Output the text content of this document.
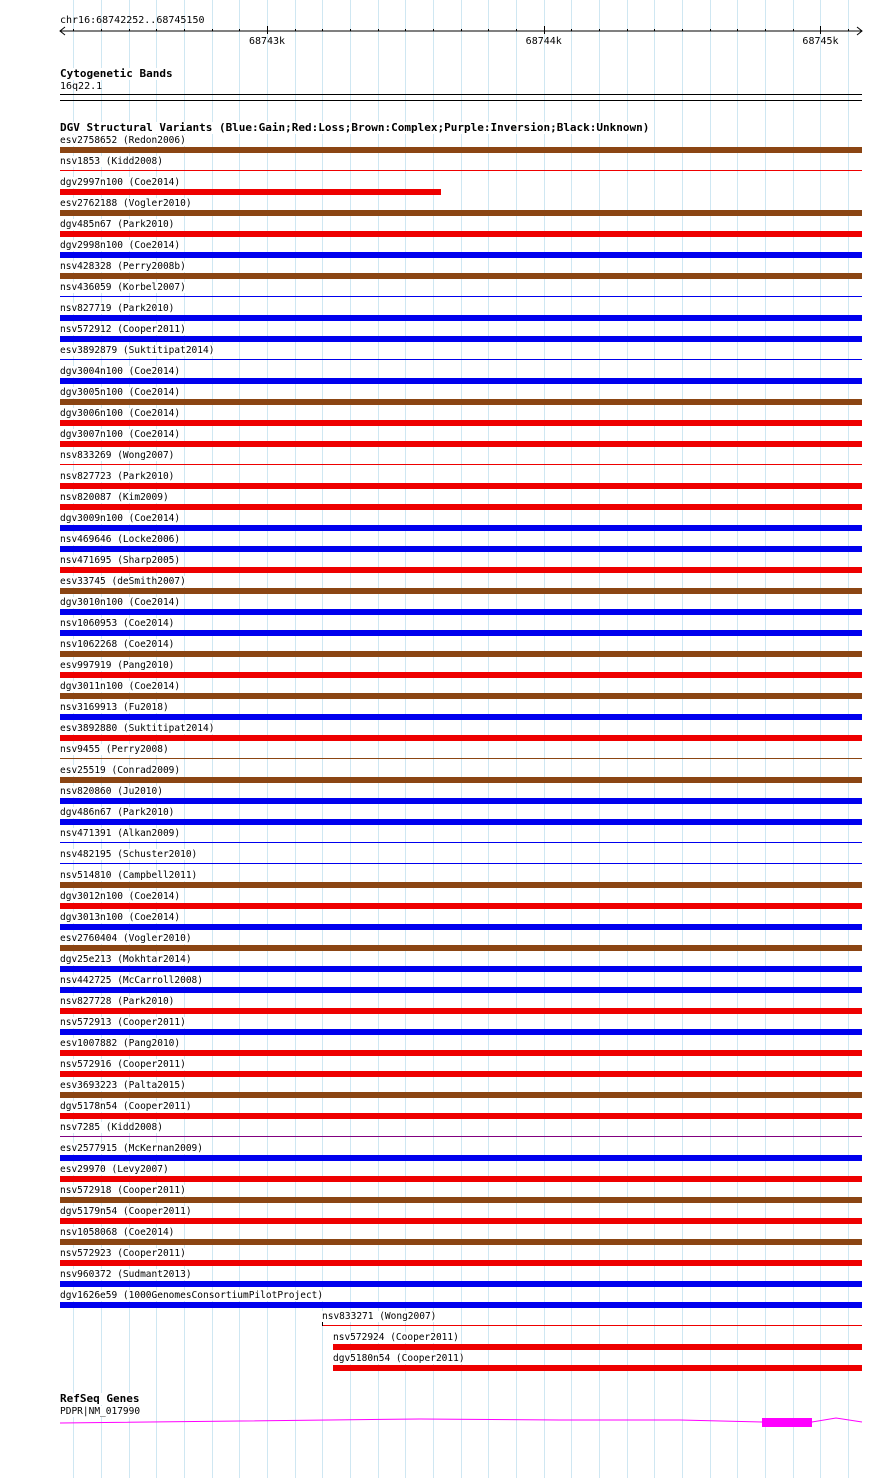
chr16:68742252..68745150
68743k	68744k	68745k
Cytogenetic Bands
16q22.1
DGV Structural Variants (Blue:Gain;Red:Loss;Brown:Complex;Purple:Inversion;Black:Unknown)
esv2758652 (Redon2006)
nsv1853 (Kidd2008)
dgv2997n100 (Coe2014)
esv2762188 (Vogler2010)
dgv485n67 (Park2010)
dgv2998n100 (Coe2014)
nsv428328 (Perry2008b)
nsv436059 (Korbel2007)
nsv827719 (Park2010)
nsv572912 (Cooper2011)
esv3892879 (Suktitipat2014)
dgv3004n100 (Coe2014)
dgv3005n100 (Coe2014)
dgv3006n100 (Coe2014)
dgv3007n100 (Coe2014)
nsv833269 (Wong2007)
nsv827723 (Park2010)
nsv820087 (Kim2009)
dgv3009n100 (Coe2014)
nsv469646 (Locke2006)
nsv471695 (Sharp2005)
esv33745 (deSmith2007)
dgv3010n100 (Coe2014)
nsv1060953 (Coe2014)
nsv1062268 (Coe2014)
esv997919 (Pang2010)
dgv3011n100 (Coe2014)
nsv3169913 (Fu2018)
esv3892880 (Suktitipat2014)
nsv9455 (Perry2008)
esv25519 (Conrad2009)
nsv820860 (Ju2010)
dgv486n67 (Park2010)
nsv471391 (Alkan2009)
nsv482195 (Schuster2010)
nsv514810 (Campbell2011)
dgv3012n100 (Coe2014)
dgv3013n100 (Coe2014)
esv2760404 (Vogler2010)
dgv25e213 (Mokhtar2014)
nsv442725 (McCarroll2008)
nsv827728 (Park2010)
nsv572913 (Cooper2011)
esv1007882 (Pang2010)
nsv572916 (Cooper2011)
esv3693223 (Palta2015)
dgv5178n54 (Cooper2011)
nsv7285 (Kidd2008)
esv2577915 (McKernan2009)
esv29970 (Levy2007)
nsv572918 (Cooper2011)
dgv5179n54 (Cooper2011)
nsv1058068 (Coe2014)
nsv572923 (Cooper2011)
nsv960372 (Sudmant2013)
dgv1626e59 (1000GenomesConsortiumPilotProject)
nsv833271 (Wong2007)
nsv572924 (Cooper2011)
dgv5180n54 (Cooper2011)
RefSeq Genes
PDPR|NM_017990
